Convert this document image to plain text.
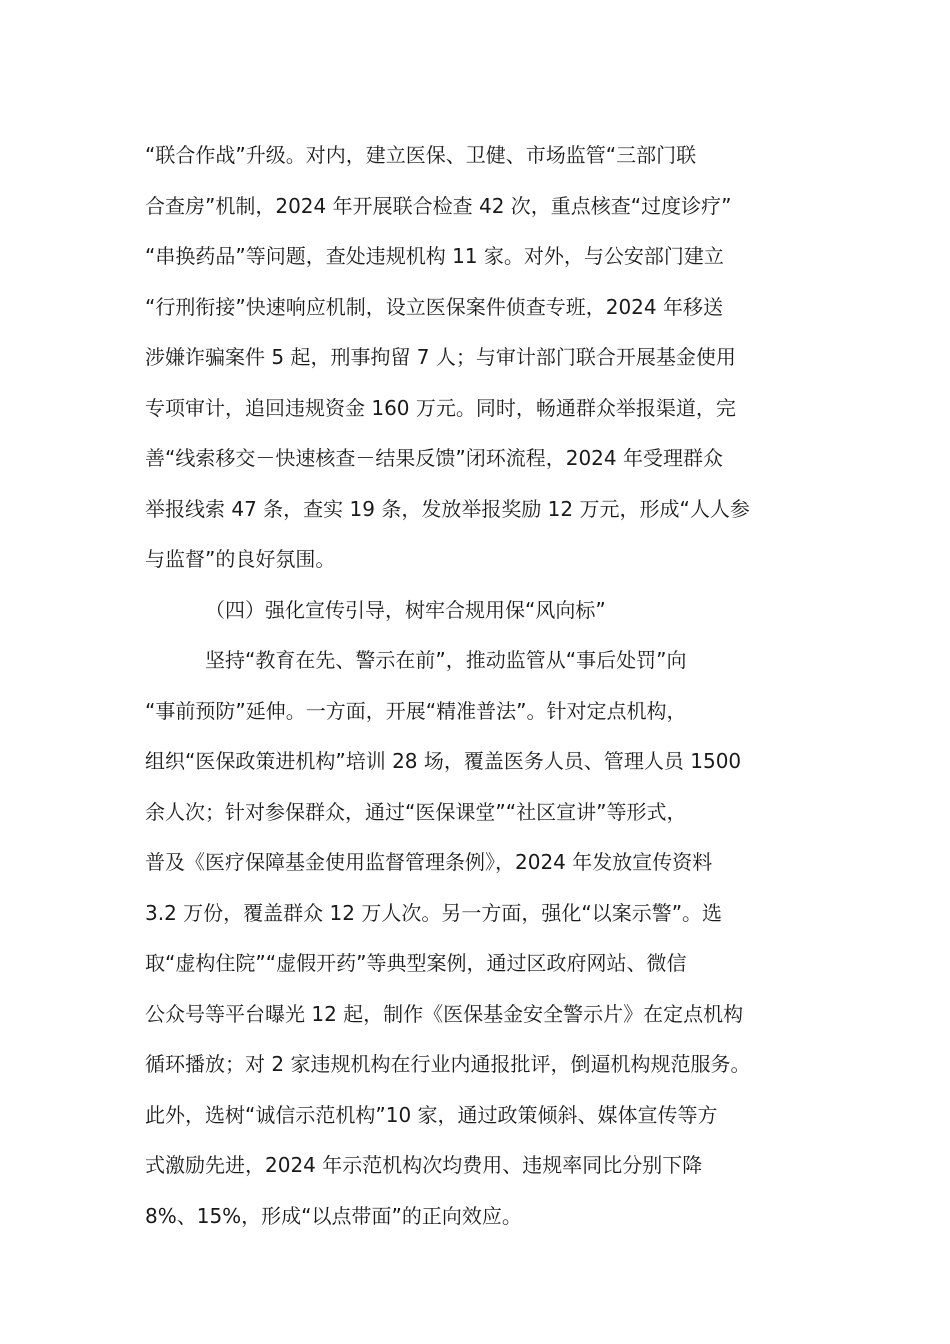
“联合作战”升级。对内，建立医保、卫健、市场监管“三部门联
合查房”机制，2024 年开展联合检查 42 次，重点核查“过度诊疗”
“串换药品”等问题，查处违规机构 11 家。对外，与公安部门建立
“行刑衔接”快速响应机制，设立医保案件侦查专班，2024 年移送
涉嫌诈骗案件 5 起，刑事拘留 7 人；与审计部门联合开展基金使用
专项审计，追回违规资金 160 万元。同时，畅通群众举报渠道，完
善“线索移交－快速核查－结果反馈”闭环流程，2024 年受理群众
举报线索 47 条，查实 19 条，发放举报奖励 12 万元，形成“人人参
与监督”的良好氛围。
（四）强化宣传引导，树牢合规用保“风向标”
坚持“教育在先、警示在前”，推动监管从“事后处罚”向
“事前预防”延伸。一方面，开展“精准普法”。针对定点机构，
组织“医保政策进机构”培训 28 场，覆盖医务人员、管理人员 1500
余人次；针对参保群众，通过“医保课堂”“社区宣讲”等形式，
普及《医疗保障基金使用监督管理条例》，2024 年发放宣传资料
3.2 万份，覆盖群众 12 万人次。另一方面，强化“以案示警”。选
取“虚构住院”“虚假开药”等典型案例，通过区政府网站、微信
公众号等平台曝光 12 起，制作《医保基金安全警示片》在定点机构
循环播放；对 2 家违规机构在行业内通报批评，倒逼机构规范服务。
此外，选树“诚信示范机构”10 家，通过政策倾斜、媒体宣传等方
式激励先进，2024 年示范机构次均费用、违规率同比分别下降
8%、15%，形成“以点带面”的正向效应。
